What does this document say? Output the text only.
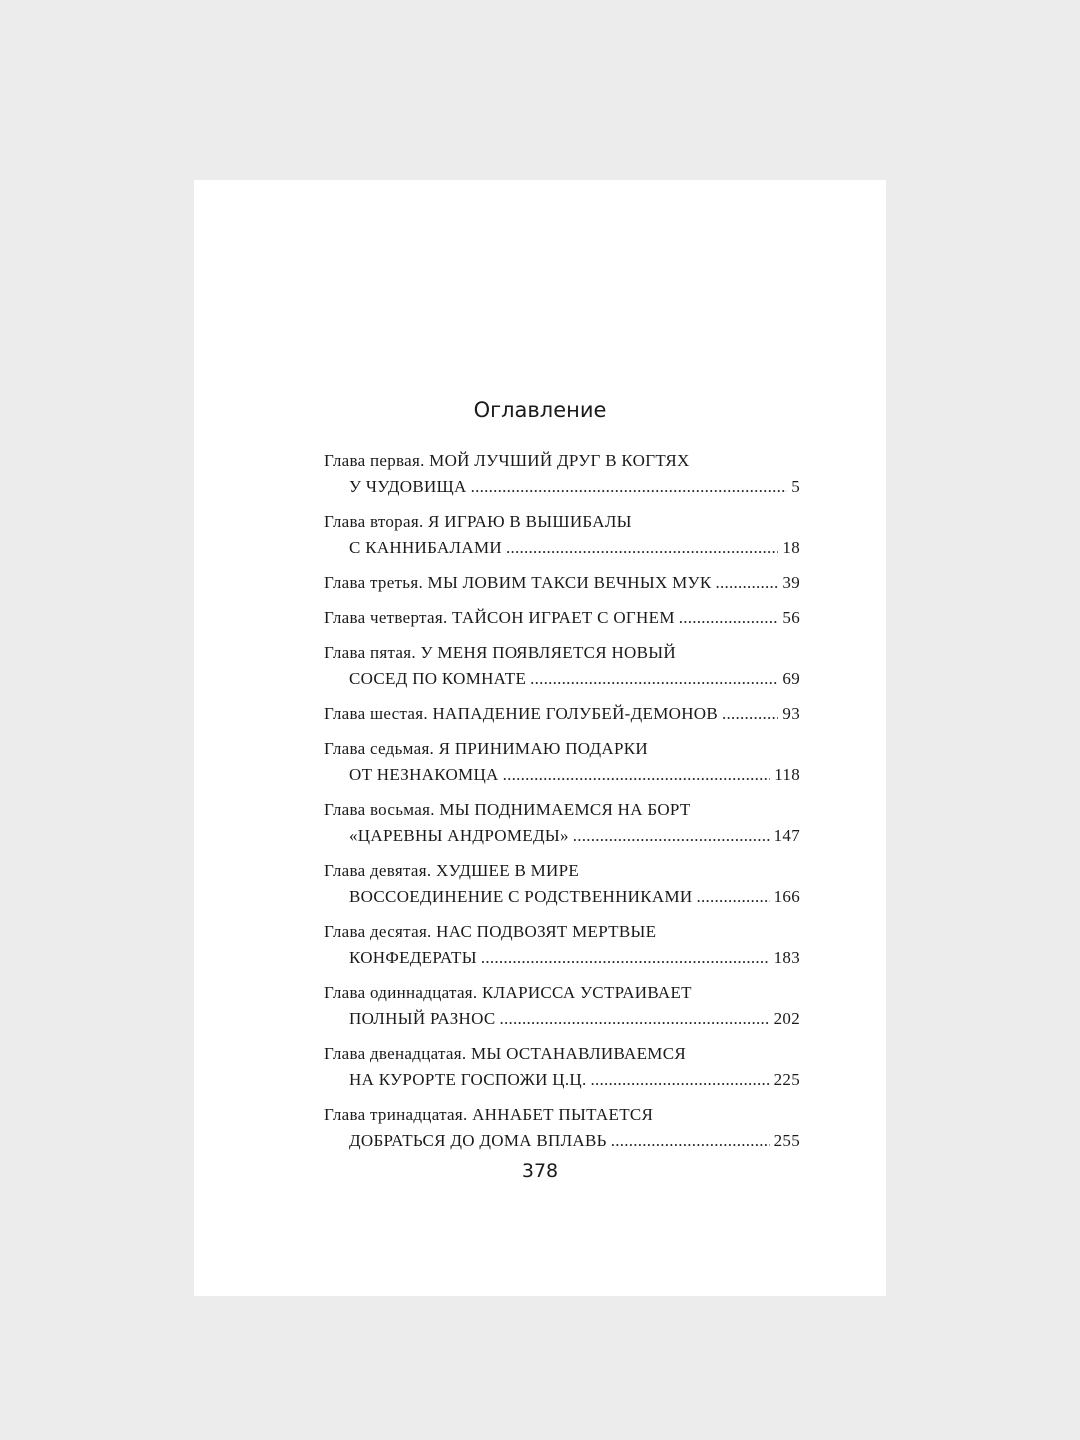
Оглавление
Глава первая. МОЙ ЛУЧШИЙ ДРУГ В КОГТЯХ
У ЧУДОВИЩА . . .	5
Глава вторая. Я ИГРАЮ В ВЫШИБАЛЫ
С КАННИБАЛАМИ . . .	18
Глава третья. МЫ ЛОВИМ ТАКСИ ВЕЧНЫХ МУК . . .	39
Глава четвертая. ТАЙСОН ИГРАЕТ С ОГНЕМ . . .	56
Глава пятая. У МЕНЯ ПОЯВЛЯЕТСЯ НОВЫЙ
СОСЕД ПО КОМНАТЕ . . .	69
Глава шестая. НАПАДЕНИЕ ГОЛУБЕЙ-ДЕМОНОВ . . .	93
Глава седьмая. Я ПРИНИМАЮ ПОДАРКИ
ОТ НЕЗНАКОМЦА . . .	118
Глава восьмая. МЫ ПОДНИМАЕМСЯ НА БОРТ
«ЦАРЕВНЫ АНДРОМЕДЫ» . . .	147
Глава девятая. ХУДШЕЕ В МИРЕ
ВОССОЕДИНЕНИЕ С РОДСТВЕННИКАМИ . . .	166
Глава десятая. НАС ПОДВОЗЯТ МЕРТВЫЕ
КОНФЕДЕРАТЫ . . .	183
Глава одиннадцатая. КЛАРИССА УСТРАИВАЕТ
ПОЛНЫЙ РАЗНОС . . .	202
Глава двенадцатая. МЫ ОСТАНАВЛИВАЕМСЯ
НА КУРОРТЕ ГОСПОЖИ Ц.Ц. . . .	225
Глава тринадцатая. АННАБЕТ ПЫТАЕТСЯ
ДОБРАТЬСЯ ДО ДОМА ВПЛАВЬ . . .	255
378
